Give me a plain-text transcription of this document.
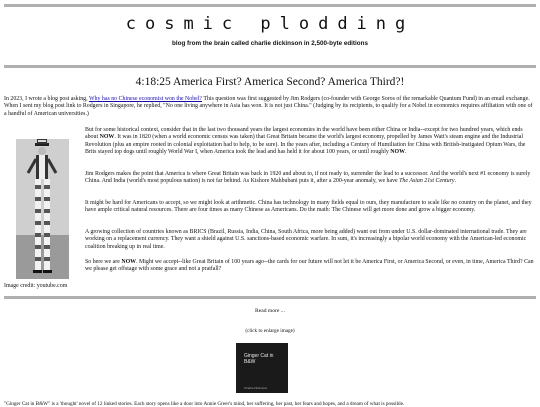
cosmic plodding
blog from the brain called charlie dickinson in 2,500-byte editions
4:18:25 America First? America Second? America Third?!

In 2023, I wrote a blog post asking, Why has no Chinese economist won the Nobel? This question was first suggested by Jim Rodgers (co-founder with George Soros of the remarkable Quantum Fund) in an email exchange. When I sent my blog post link to Rodgers in Singapore, he replied, "No one living anywhere in Asia has won. It is not just China." (Judging by its recipients, to qualify for a Nobel in economics requires affiliation with one of a handful of American universities.)

But for some historical context, consider that in the last two thousand years the largest economies in the world have been either China or India--except for two hundred years, which ends about NOW. It was in 1820 (when a world economic census was taken) that Great Britain became the world's largest economy, propelled by James Watt's steam engine and the Industrial Revolution (plus an empire rooted in colonial exploitation had to help, to be sure). In the years after, including a Century of Humiliation for China with British-instigated Opium Wars, the Brits stayed top dogs until roughly World War I, when America took the lead and has held it for about 100 years, or until roughly NOW.

Jim Rodgers makes the point that America is where Great Britain was back in 1920 and about to, if not ready to, surrender the lead to a successor. And the world's next #1 economy is surely China. And India (world's most populous nation) is not far behind. As Kishore Mahbubani puts it, after a 200-year anomaly, we have The Asian 21st Century.

It might be hard for Americans to accept, so we might look at arithmetic. China has technology in many fields equal to ours, they manufacture to scale like no country on the planet, and they have ample critical natural resources. There are four times as many Chinese as Americans. Do the math: The Chinese will get more done and grow a bigger economy.

A growing collection of countries known as BRICS (Brazil, Russia, India, China, South Africa, more being added) want out from under U.S. dollar-dominated international trade. They are working on a replacement currency. They want a shield against U.S. sanctions-based economic warfare. In sum, it's increasingly a bipolar world economy with the American-led economic coalition breaking up in real time.

So here we are NOW. Might we accept--like Great Britain of 100 years ago--the cards for our future will not let it be America First, or America Second, or even, in time, America Third? Can we please get offstage with some grace and not a pratfall?

Image credit: youtube.com
Read more ...
(click to enlarge image)
Ginger Cat in B&W
Charlie Dickinson
"Ginger Cat in B&W" is a 'thought' novel of 12 linked stories. Each story opens like a door into Annie Greer's mind, her suffering, her past, her fears and hopes, and a dream of what is possible.
